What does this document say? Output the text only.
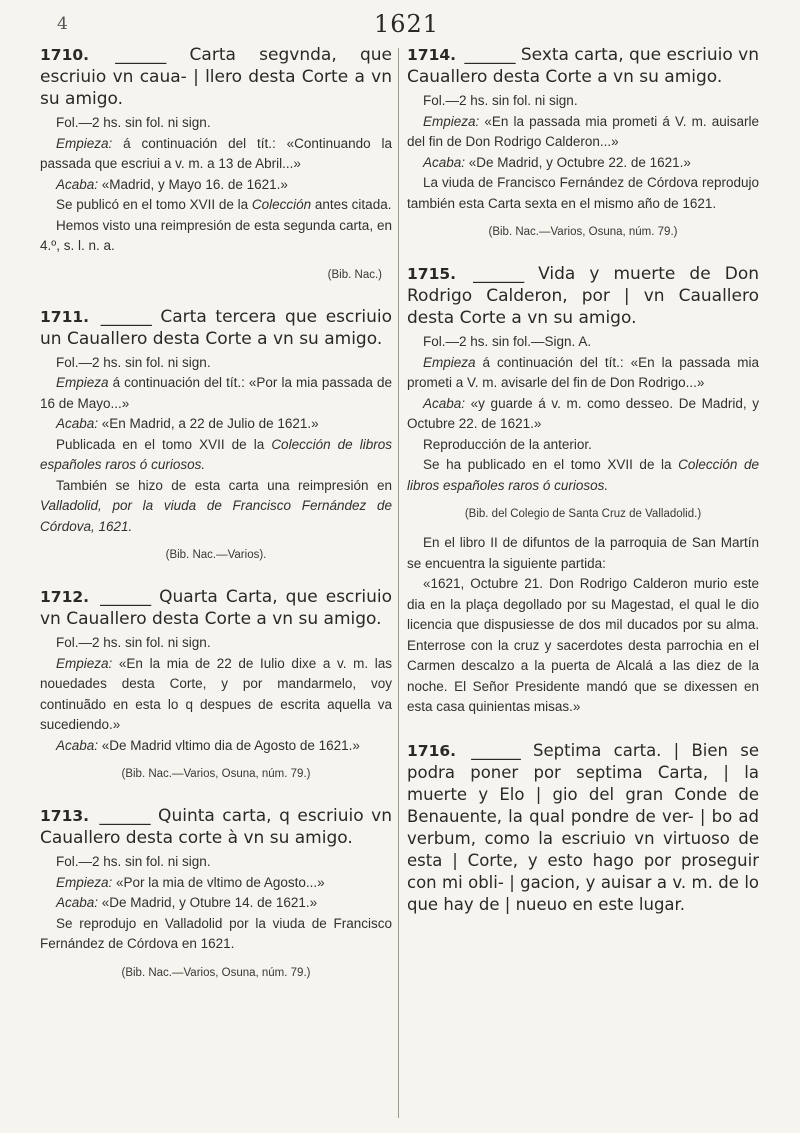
4	1621
1710. ______ Carta segvnda, que escriuio vn caua- | llero desta Corte a vn su amigo.

Fol.—2 hs. sin fol. ni sign.

Empieza: á continuación del tít.: «Continuando la passada que escriui a v. m. a 13 de Abril...»

Acaba: «Madrid, y Mayo 16. de 1621.»

Se publicó en el tomo XVII de la Colección antes citada.

Hemos visto una reimpresión de esta segunda carta, en 4.º, s. l. n. a.

(Bib. Nac.)
1711. ______ Carta tercera que escriuio un Cauallero desta Corte a vn su amigo.

Fol.—2 hs. sin fol. ni sign.

Empieza á continuación del tít.: «Por la mia passada de 16 de Mayo...»

Acaba: «En Madrid, a 22 de Julio de 1621.»

Publicada en el tomo XVII de la Colección de libros españoles raros ó curiosos.

También se hizo de esta carta una reimpresión en Valladolid, por la viuda de Francisco Fernández de Córdova, 1621.

(Bib. Nac.—Varios).
1712. ______ Quarta Carta, que escriuio vn Cauallero desta Corte a vn su amigo.

Fol.—2 hs. sin fol. ni sign.

Empieza: «En la mia de 22 de Iulio dixe a v. m. las nouedades desta Corte, y por mandarmelo, voy continuãdo en esta lo q despues de escrita aquella va sucediendo.»

Acaba: «De Madrid vltimo dia de Agosto de 1621.»

(Bib. Nac.—Varios, Osuna, núm. 79.)
1713. ______ Quinta carta, q escriuio vn Cauallero desta corte à vn su amigo.

Fol.—2 hs. sin fol. ni sign.

Empieza: «Por la mia de vltimo de Agosto...»

Acaba: «De Madrid, y Otubre 14. de 1621.»

Se reprodujo en Valladolid por la viuda de Francisco Fernández de Córdova en 1621.

(Bib. Nac.—Varios, Osuna, núm. 79.)
1714. ______ Sexta carta, que escriuio vn Cauallero desta Corte a vn su amigo.

Fol.—2 hs. sin fol. ni sign.

Empieza: «En la passada mia prometi á V. m. auisarle del fin de Don Rodrigo Calderon...»

Acaba: «De Madrid, y Octubre 22. de 1621.»

La viuda de Francisco Fernández de Córdova reprodujo también esta Carta sexta en el mismo año de 1621.

(Bib. Nac.—Varios, Osuna, núm. 79.)
1715. ______ Vida y muerte de Don Rodrigo Calderon, por | vn Cauallero desta Corte a vn su amigo.

Fol.—2 hs. sin fol.—Sign. A.

Empieza á continuación del tít.: «En la passada mia prometi a V. m. avisarle del fin de Don Rodrigo...»

Acaba: «y guarde á v. m. como desseo. De Madrid, y Octubre 22. de 1621.»

Reproducción de la anterior.

Se ha publicado en el tomo XVII de la Colección de libros españoles raros ó curiosos.

(Bib. del Colegio de Santa Cruz de Valladolid.)

En el libro II de difuntos de la parroquia de San Martín se encuentra la siguiente partida:

«1621, Octubre 21. Don Rodrigo Calderon murio este dia en la plaça degollado por su Magestad, el qual le dio licencia que dispusiesse de dos mil ducados por su alma. Enterrose con la cruz y sacerdotes desta parrochia en el Carmen descalzo a la puerta de Alcalá a las diez de la noche. El Señor Presidente mandó que se dixessen en esta casa quinientas misas.»

1716. ______ Septima carta. | Bien se podra poner por septima Carta, | la muerte y Elo | gio del gran Conde de Benauente, la qual pondre de ver- | bo ad verbum, como la escriuio vn virtuoso de esta | Corte, y esto hago por proseguir con mi obli- | gacion, y auisar a v. m. de lo que hay de | nueuo en este lugar.
